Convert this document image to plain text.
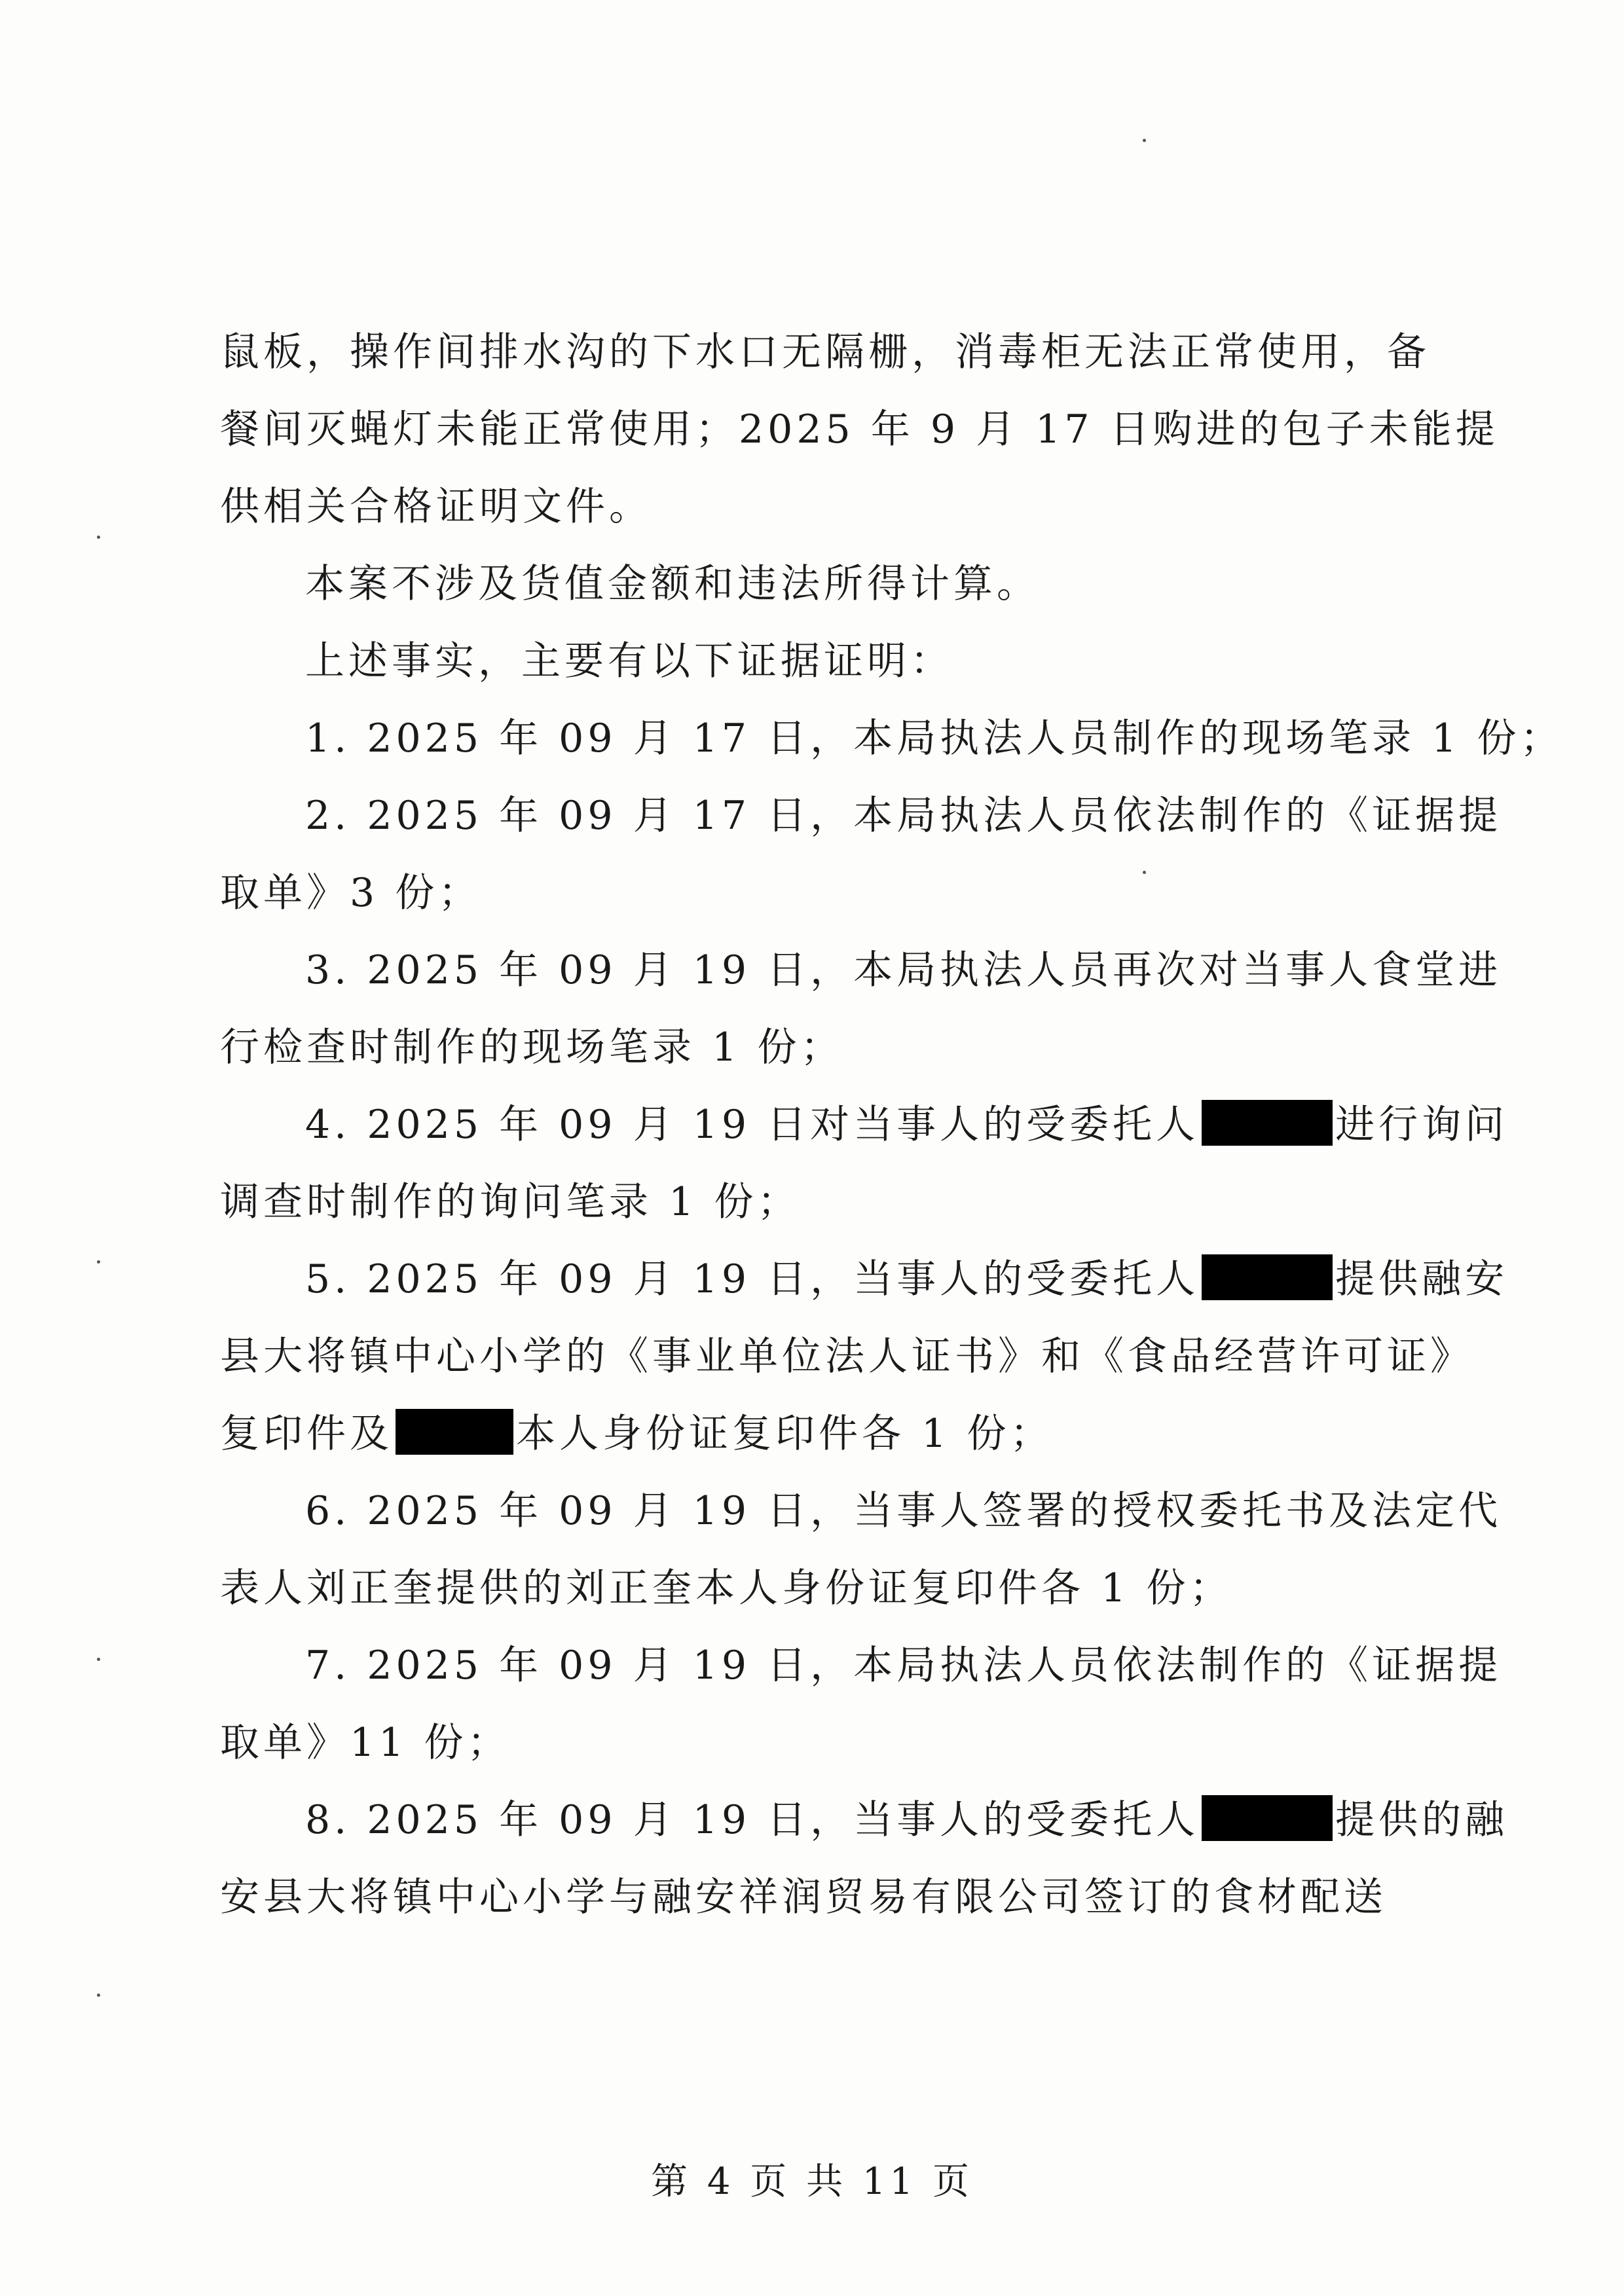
鼠板，操作间排水沟的下水口无隔栅，消毒柜无法正常使用，备
餐间灭蝇灯未能正常使用；2025 年 9 月 17 日购进的包子未能提
供相关合格证明文件。
本案不涉及货值金额和违法所得计算。
上述事实，主要有以下证据证明：
1. 2025 年 09 月 17 日，本局执法人员制作的现场笔录 1 份；
2. 2025 年 09 月 17 日，本局执法人员依法制作的《证据提
取单》3 份；
3. 2025 年 09 月 19 日，本局执法人员再次对当事人食堂进
行检查时制作的现场笔录 1 份；
4. 2025 年 09 月 19 日对当事人的受委托人	进行询问
调查时制作的询问笔录 1 份；
5. 2025 年 09 月 19 日，当事人的受委托人	提供融安
县大将镇中心小学的《事业单位法人证书》和《食品经营许可证》
复印件及	本人身份证复印件各 1 份；
6. 2025 年 09 月 19 日，当事人签署的授权委托书及法定代
表人刘正奎提供的刘正奎本人身份证复印件各 1 份；
7. 2025 年 09 月 19 日，本局执法人员依法制作的《证据提
取单》11 份；
8. 2025 年 09 月 19 日，当事人的受委托人	提供的融
安县大将镇中心小学与融安祥润贸易有限公司签订的食材配送
第 4 页 共 11 页
